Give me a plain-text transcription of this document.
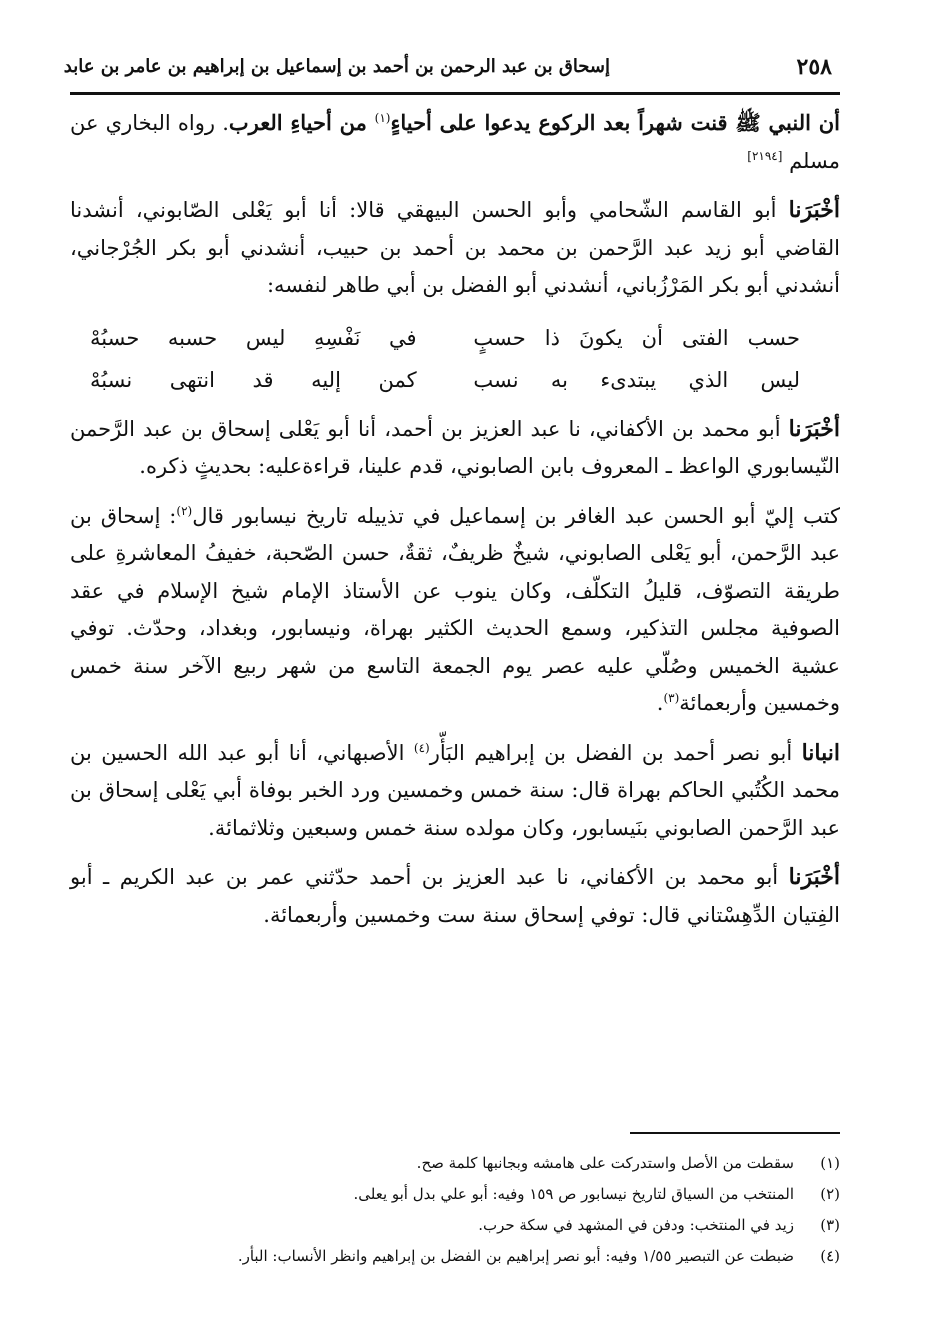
٢٥٨
إسحاق بن عبد الرحمن بن أحمد بن إسماعيل بن إبراهيم بن عامر بن عابد

أن النبي ﷺ قنت شهراً بعد الركوع يدعوا على أحياءٍ$^{(١)}$ من أحياءِ العرب. رواه البخاري عن مسلم [٢١٩٤]

أخْبَرَنا أبو القاسم الشّحامي وأبو الحسن البيهقي قالا: أنا أبو يَعْلى الصّابوني، أنشدنا القاضي أبو زيد عبد الرَّحمن بن محمد بن أحمد بن حبيب، أنشدني أبو بكر الجُرْجاني، أنشدني أبو بكر المَرْزُباني، أنشدني أبو الفضل بن أبي طاهر لنفسه:

حسب الفتى أن يكونَ ذا حسبٍ
في نَفْسِهِ ليس حسبه حسبُهْ
ليس الذي يبتدىء به نسب
كمن إليه قد انتهى نسبُهْ

أخْبَرَنا أبو محمد بن الأكفاني، نا عبد العزيز بن أحمد، أنا أبو يَعْلى إسحاق بن عبد الرَّحمن النّيسابوري الواعظ ـ المعروف بابن الصابوني، قدم علينا، قراءةعليه: بحديثٍ ذكره.

كتب إليّ أبو الحسن عبد الغافر بن إسماعيل في تذييله تاريخ نيسابور قال$^{(٢)}$: إسحاق بن عبد الرَّحمن، أبو يَعْلى الصابوني، شيخٌ ظريفٌ، ثقةٌ، حسن الصّحبة، خفيفُ المعاشرةِ على طريقة التصوّف، قليلُ التكلّف، وكان ينوب عن الأستاذ الإمام شيخ الإسلام في عقد الصوفية مجلس التذكير، وسمع الحديث الكثير بهراة، ونيسابور، وبغداد، وحدّث. توفي عشية الخميس وصُلّي عليه عصر يوم الجمعة التاسع من شهر ربيع الآخر سنة خمس وخمسين وأربعمائة$^{(٣)}$.

انبانا أبو نصر أحمد بن الفضل بن إبراهيم البَأّر$^{(٤)}$ الأصبهاني، أنا أبو عبد الله الحسين بن محمد الكُتُبي الحاكم بهراة قال: سنة خمس وخمسين ورد الخبر بوفاة أبي يَعْلى إسحاق بن عبد الرَّحمن الصابوني بنَيسابور، وكان مولده سنة خمس وسبعين وثلاثمائة.

أخْبَرَنا أبو محمد بن الأكفاني، نا عبد العزيز بن أحمد حدّثني عمر بن عبد الكريم ـ أبو الفِتيان الدِّهِسْتاني قال: توفي إسحاق سنة ست وخمسين وأربعمائة.

(١)
سقطت من الأصل واستدركت على هامشه وبجانبها كلمة صح.
(٢)
المنتخب من السياق لتاريخ نيسابور ص ١٥٩ وفيه: أبو علي بدل أبو يعلى.
(٣)
زيد في المنتخب: ودفن في المشهد في سكة حرب.
(٤)
ضبطت عن التبصير ١/٥٥ وفيه: أبو نصر إبراهيم بن الفضل بن إبراهيم وانظر الأنساب: البأر.
